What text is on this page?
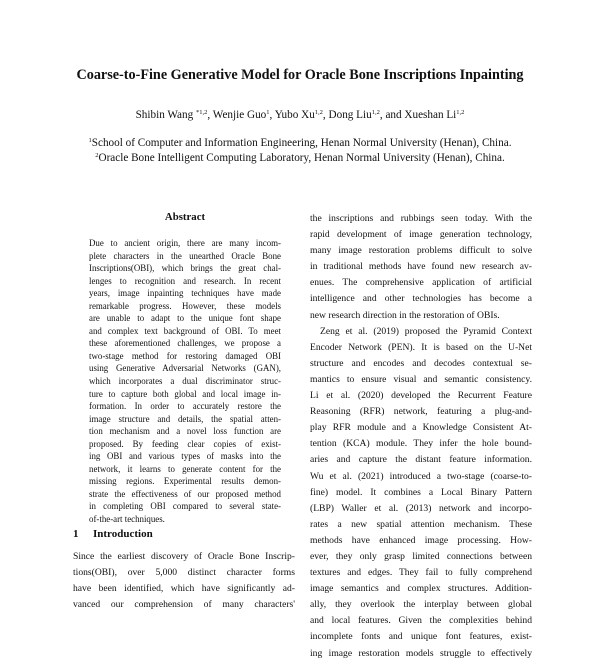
Coarse-to-Fine Generative Model for Oracle Bone Inscriptions Inpainting
Shibin Wang $^{*1,2}$, Wenjie Guo$^1$, Yubo Xu$^{1,2}$, Dong Liu$^{1,2}$, and Xueshan Li$^{1,2}$
$^1$School of Computer and Information Engineering, Henan Normal University (Henan), China.
$^2$Oracle Bone Intelligent Computing Laboratory, Henan Normal University (Henan), China.
Abstract
Due to ancient origin, there are many incom-
plete characters in the unearthed Oracle Bone
Inscriptions(OBI), which brings the great chal-
lenges to recognition and research. In recent
years, image inpainting techniques have made
remarkable progress. However, these models
are unable to adapt to the unique font shape
and complex text background of OBI. To meet
these aforementioned challenges, we propose a
two-stage method for restoring damaged OBI
using Generative Adversarial Networks (GAN),
which incorporates a dual discriminator struc-
ture to capture both global and local image in-
formation. In order to accurately restore the
image structure and details, the spatial atten-
tion mechanism and a novel loss function are
proposed. By feeding clear copies of exist-
ing OBI and various types of masks into the
network, it learns to generate content for the
missing regions. Experimental results demon-
strate the effectiveness of our proposed method
in completing OBI compared to several state-
of-the-art techniques.
1 Introduction
Since the earliest discovery of Oracle Bone Inscrip-
tions(OBI), over 5,000 distinct character forms
have been identified, which have significantly ad-
vanced our comprehension of many characters'
the inscriptions and rubbings seen today. With the
rapid development of image generation technology,
many image restoration problems difficult to solve
in traditional methods have found new research av-
enues. The comprehensive application of artificial
intelligence and other technologies has become a
new research direction in the restoration of OBIs.
Zeng et al. (2019) proposed the Pyramid Context
Encoder Network (PEN). It is based on the U-Net
structure and encodes and decodes contextual se-
mantics to ensure visual and semantic consistency.
Li et al. (2020) developed the Recurrent Feature
Reasoning (RFR) network, featuring a plug-and-
play RFR module and a Knowledge Consistent At-
tention (KCA) module. They infer the hole bound-
aries and capture the distant feature information.
Wu et al. (2021) introduced a two-stage (coarse-to-
fine) model. It combines a Local Binary Pattern
(LBP) Waller et al. (2013) network and incorpo-
rates a new spatial attention mechanism. These
methods have enhanced image processing. How-
ever, they only grasp limited connections between
textures and edges. They fail to fully comprehend
image semantics and complex structures. Addition-
ally, they overlook the interplay between global
and local features. Given the complexities behind
incomplete fonts and unique font features, exist-
ing image restoration models struggle to effectively
